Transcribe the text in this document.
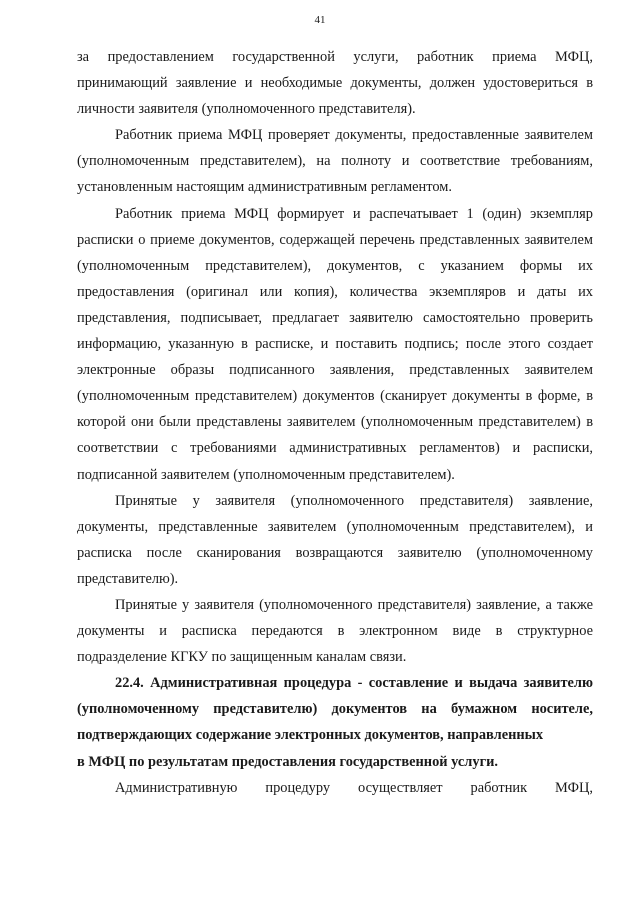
41

за предоставлением государственной услуги, работник приема МФЦ, принимающий заявление и необходимые документы, должен удостовериться в личности заявителя (уполномоченного представителя).

Работник приема МФЦ проверяет документы, предоставленные заявителем (уполномоченным представителем), на полноту и соответствие требованиям, установленным настоящим административным регламентом.

Работник приема МФЦ формирует и распечатывает 1 (один) экземпляр расписки о приеме документов, содержащей перечень представленных заявителем (уполномоченным представителем), документов, с указанием формы их предоставления (оригинал или копия), количества экземпляров и даты их представления, подписывает, предлагает заявителю самостоятельно проверить информацию, указанную в расписке, и поставить подпись; после этого создает электронные образы подписанного заявления, представленных заявителем (уполномоченным представителем) документов (сканирует документы в форме, в которой они были представлены заявителем (уполномоченным представителем) в соответствии с требованиями административных регламентов) и расписки, подписанной заявителем (уполномоченным представителем).

Принятые у заявителя (уполномоченного представителя) заявление, документы, представленные заявителем (уполномоченным представителем), и расписка после сканирования возвращаются заявителю (уполномоченному представителю).

Принятые у заявителя (уполномоченного представителя) заявление, а также документы и расписка передаются в электронном виде в структурное подразделение КГКУ по защищенным каналам связи.

22.4. Административная процедура - составление и выдача заявителю (уполномоченному представителю) документов на бумажном носителе, подтверждающих содержание электронных документов, направленных

в МФЦ по результатам предоставления государственной услуги.

Административную процедуру осуществляет работник МФЦ,
